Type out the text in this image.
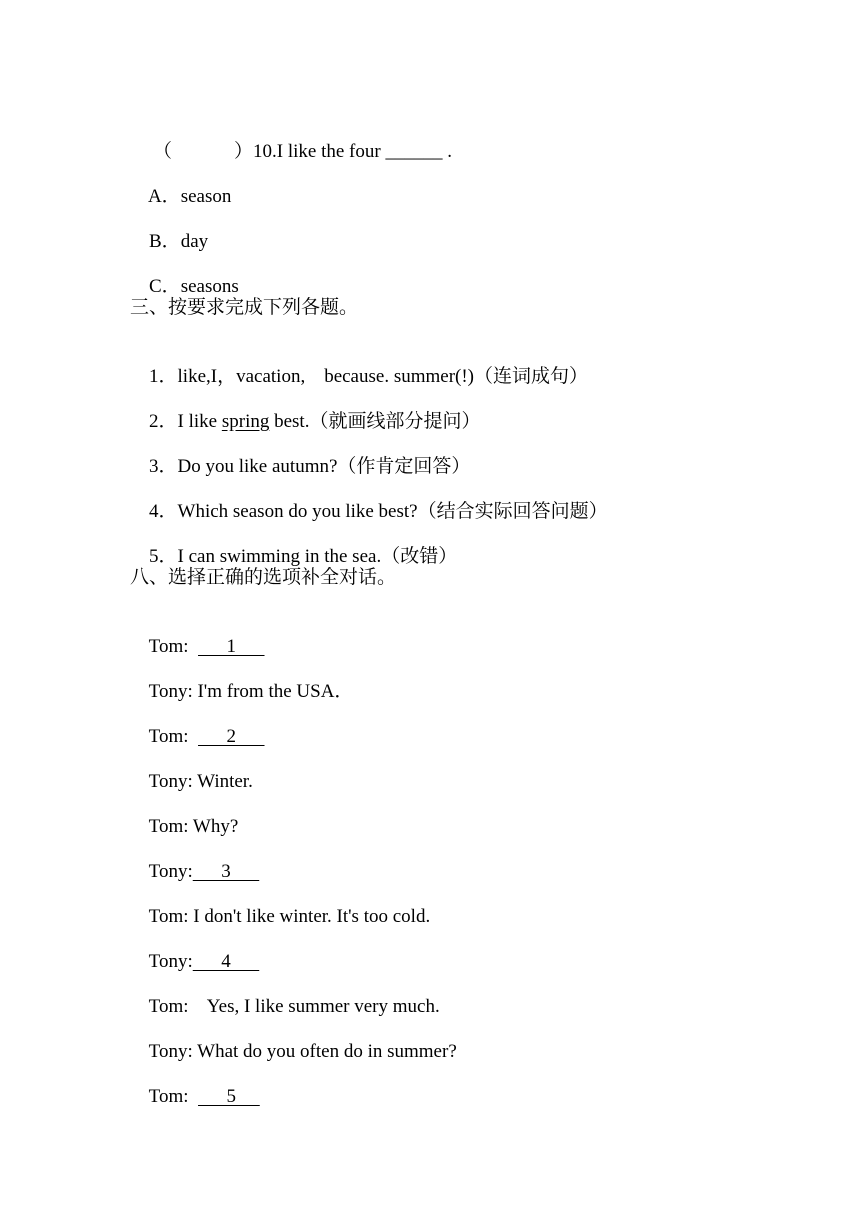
（	）10.I like the four ______ .

A．season

B．day

C．seasons

三、按要求完成下列各题。

1．like,I，vacation,    because. summer(!)（连词成句）

2．I like spring best.（就画线部分提问）

3．Do you like autumn?（作肯定回答）

4．Which season do you like best?（结合实际回答问题）

5．I can swimming in the sea.（改错）

八、选择正确的选项补全对话。

Tom:        1

Tony: I'm from the USA．

Tom:        2

Tony: Winter.

Tom: Why?

Tony:      3

Tom: I don't like winter. It's too cold.

Tony:      4

Tom:    Yes, I like summer very much.

Tony: What do you often do in summer?

Tom:        5
